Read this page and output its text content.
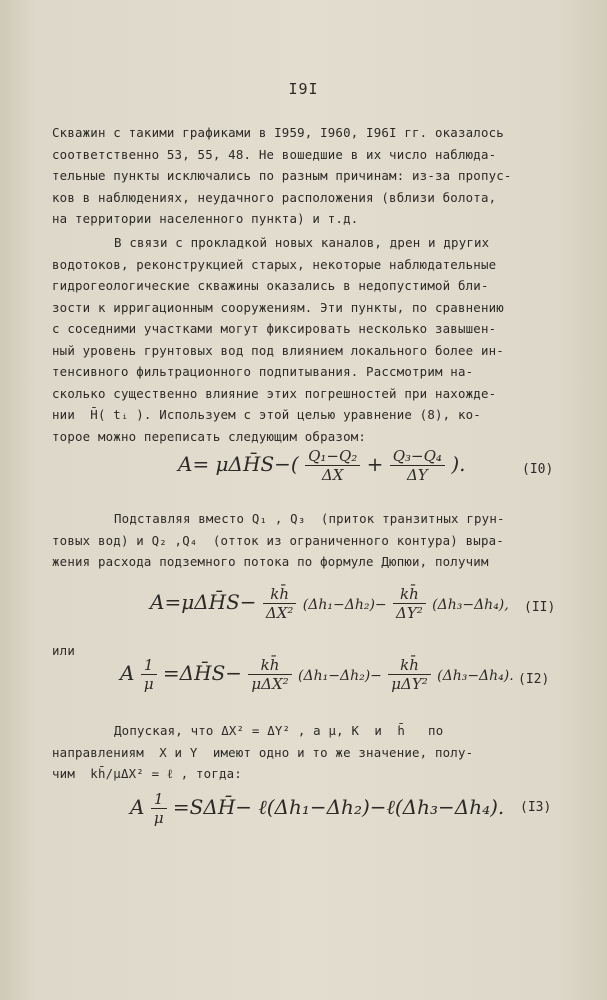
I9I
Скважин с такими графиками в I959, I960, I96I гг. оказалось
соответственно 53, 55, 48. Не вошедшие в их число наблюда-
тельные пункты исключались по разным причинам: из-за пропус-
ков в наблюдениях, неудачного расположения (вблизи болота,
на территории населенного пункта) и т.д.
В связи с прокладкой новых каналов, дрен и других
водотоков, реконструкцией старых, некоторые наблюдательные
гидрогеологические скважины оказались в недопустимой бли-
зости к ирригационным сооружениям. Эти пункты, по сравнению
с соседними участками могут фиксировать несколько завышен-
ный уровень грунтовых вод под влиянием локального более ин-
тенсивного фильтрационного подпитывания. Рассмотрим на-
сколько существенно влияние этих погрешностей при нахожде-
нии  H̄( tᵢ ). Используем с этой целью уравнение (8), ко-
торое можно переписать следующим образом:
A= μΔH̄S−( $\frac{\text{Q₁−Q₂}}{\Delta X} + \frac{\text{Q₃−Q₄}}{\Delta Y}$ ).	(I0)
Подставляя вместо Q₁ , Q₃  (приток транзитных грун-
товых вод) и Q₂ ,Q₄  (отток из ограниченного контура) выра-
жения расхода подземного потока по формуле Дюпюи, получим
A=μΔH̄S− $\frac{kh̄}{\text{ΔX²}} (\Delta h_1-\Delta h_2)- \frac{kh̄}{\text{ΔY²}} (\Delta h_3-\Delta h_4)$, (II)
или
A $\frac{1}{\mu}$ =ΔH̄S− $\frac{kh̄}{\text{μΔX²}} (\Delta h_1-\Delta h_2)- \frac{kh̄}{\text{μΔY²}} (\Delta h_3-\Delta h_4)$. (I2)
Допуская, что ΔX² = ΔY² , а μ, K  и  h̄   по
направлениям  X и Y  имеют одно и то же значение, полу-
чим  kh̄/μΔX² = ℓ , тогда:
A $\frac{1}{\mu}$ =SΔH̄− ℓ(Δh₁−Δh₂)−ℓ(Δh₃−Δh₄). (I3)
